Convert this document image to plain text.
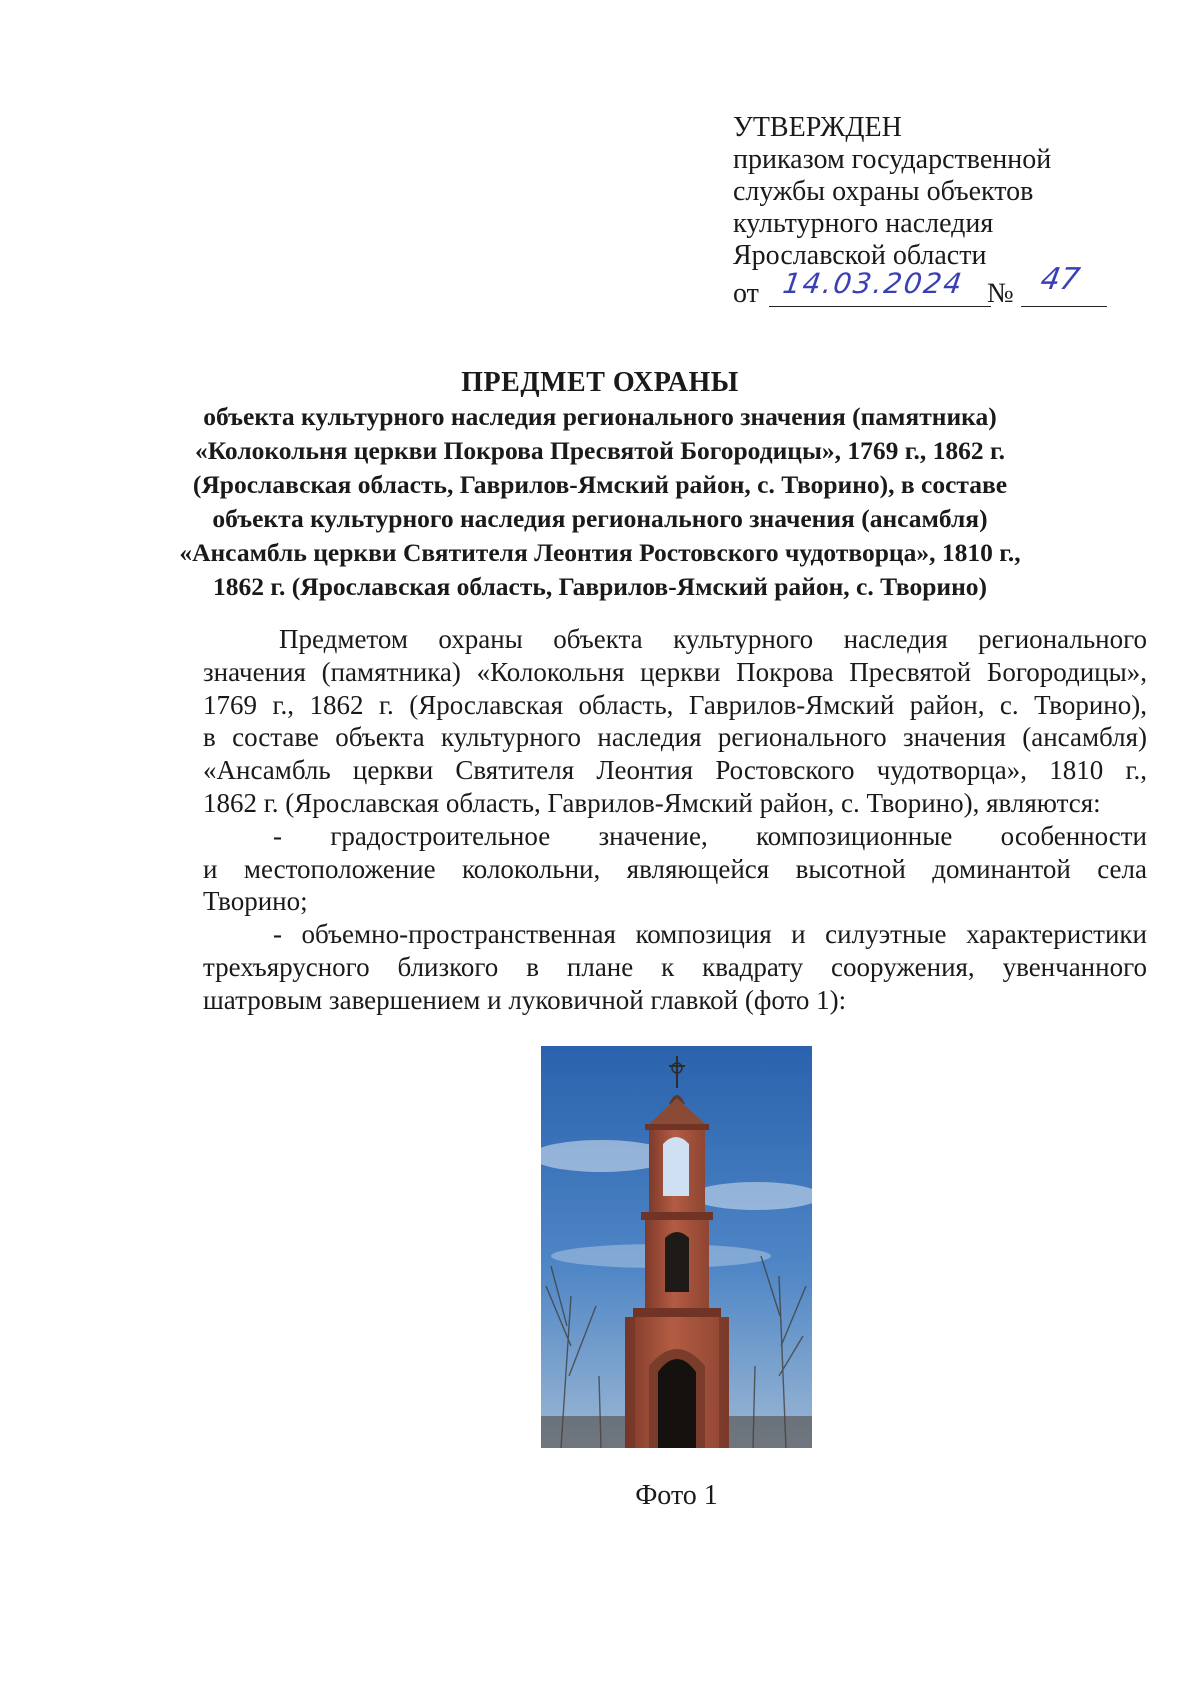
УТВЕРЖДЕН
приказом государственной
службы охраны объектов
культурного наследия
Ярославской области
от 14.03.2024 № 47
ПРЕДМЕТ ОХРАНЫ
объекта культурного наследия регионального значения (памятника)
«Колокольня церкви Покрова Пресвятой Богородицы», 1769 г., 1862 г.
(Ярославская область, Гаврилов-Ямский район, с. Творино), в составе
объекта культурного наследия регионального значения (ансамбля)
«Ансамбль церкви Святителя Леонтия Ростовского чудотворца», 1810 г.,
1862 г. (Ярославская область, Гаврилов-Ямский район, с. Творино)
Предметом охраны объекта культурного наследия регионального
значения (памятника) «Колокольня церкви Покрова Пресвятой Богородицы»,
1769 г., 1862 г. (Ярославская область, Гаврилов-Ямский район, с. Творино),
в составе объекта культурного наследия регионального значения (ансамбля)
«Ансамбль церкви Святителя Леонтия Ростовского чудотворца», 1810 г.,
1862 г. (Ярославская область, Гаврилов-Ямский район, с. Творино), являются:
- градостроительное значение, композиционные особенности
и местоположение колокольни, являющейся высотной доминантой села
Творино;
- объемно-пространственная композиция и силуэтные характеристики
трехъярусного близкого в плане к квадрату сооружения, увенчанного
шатровым завершением и луковичной главкой (фото 1):
Фото 1
